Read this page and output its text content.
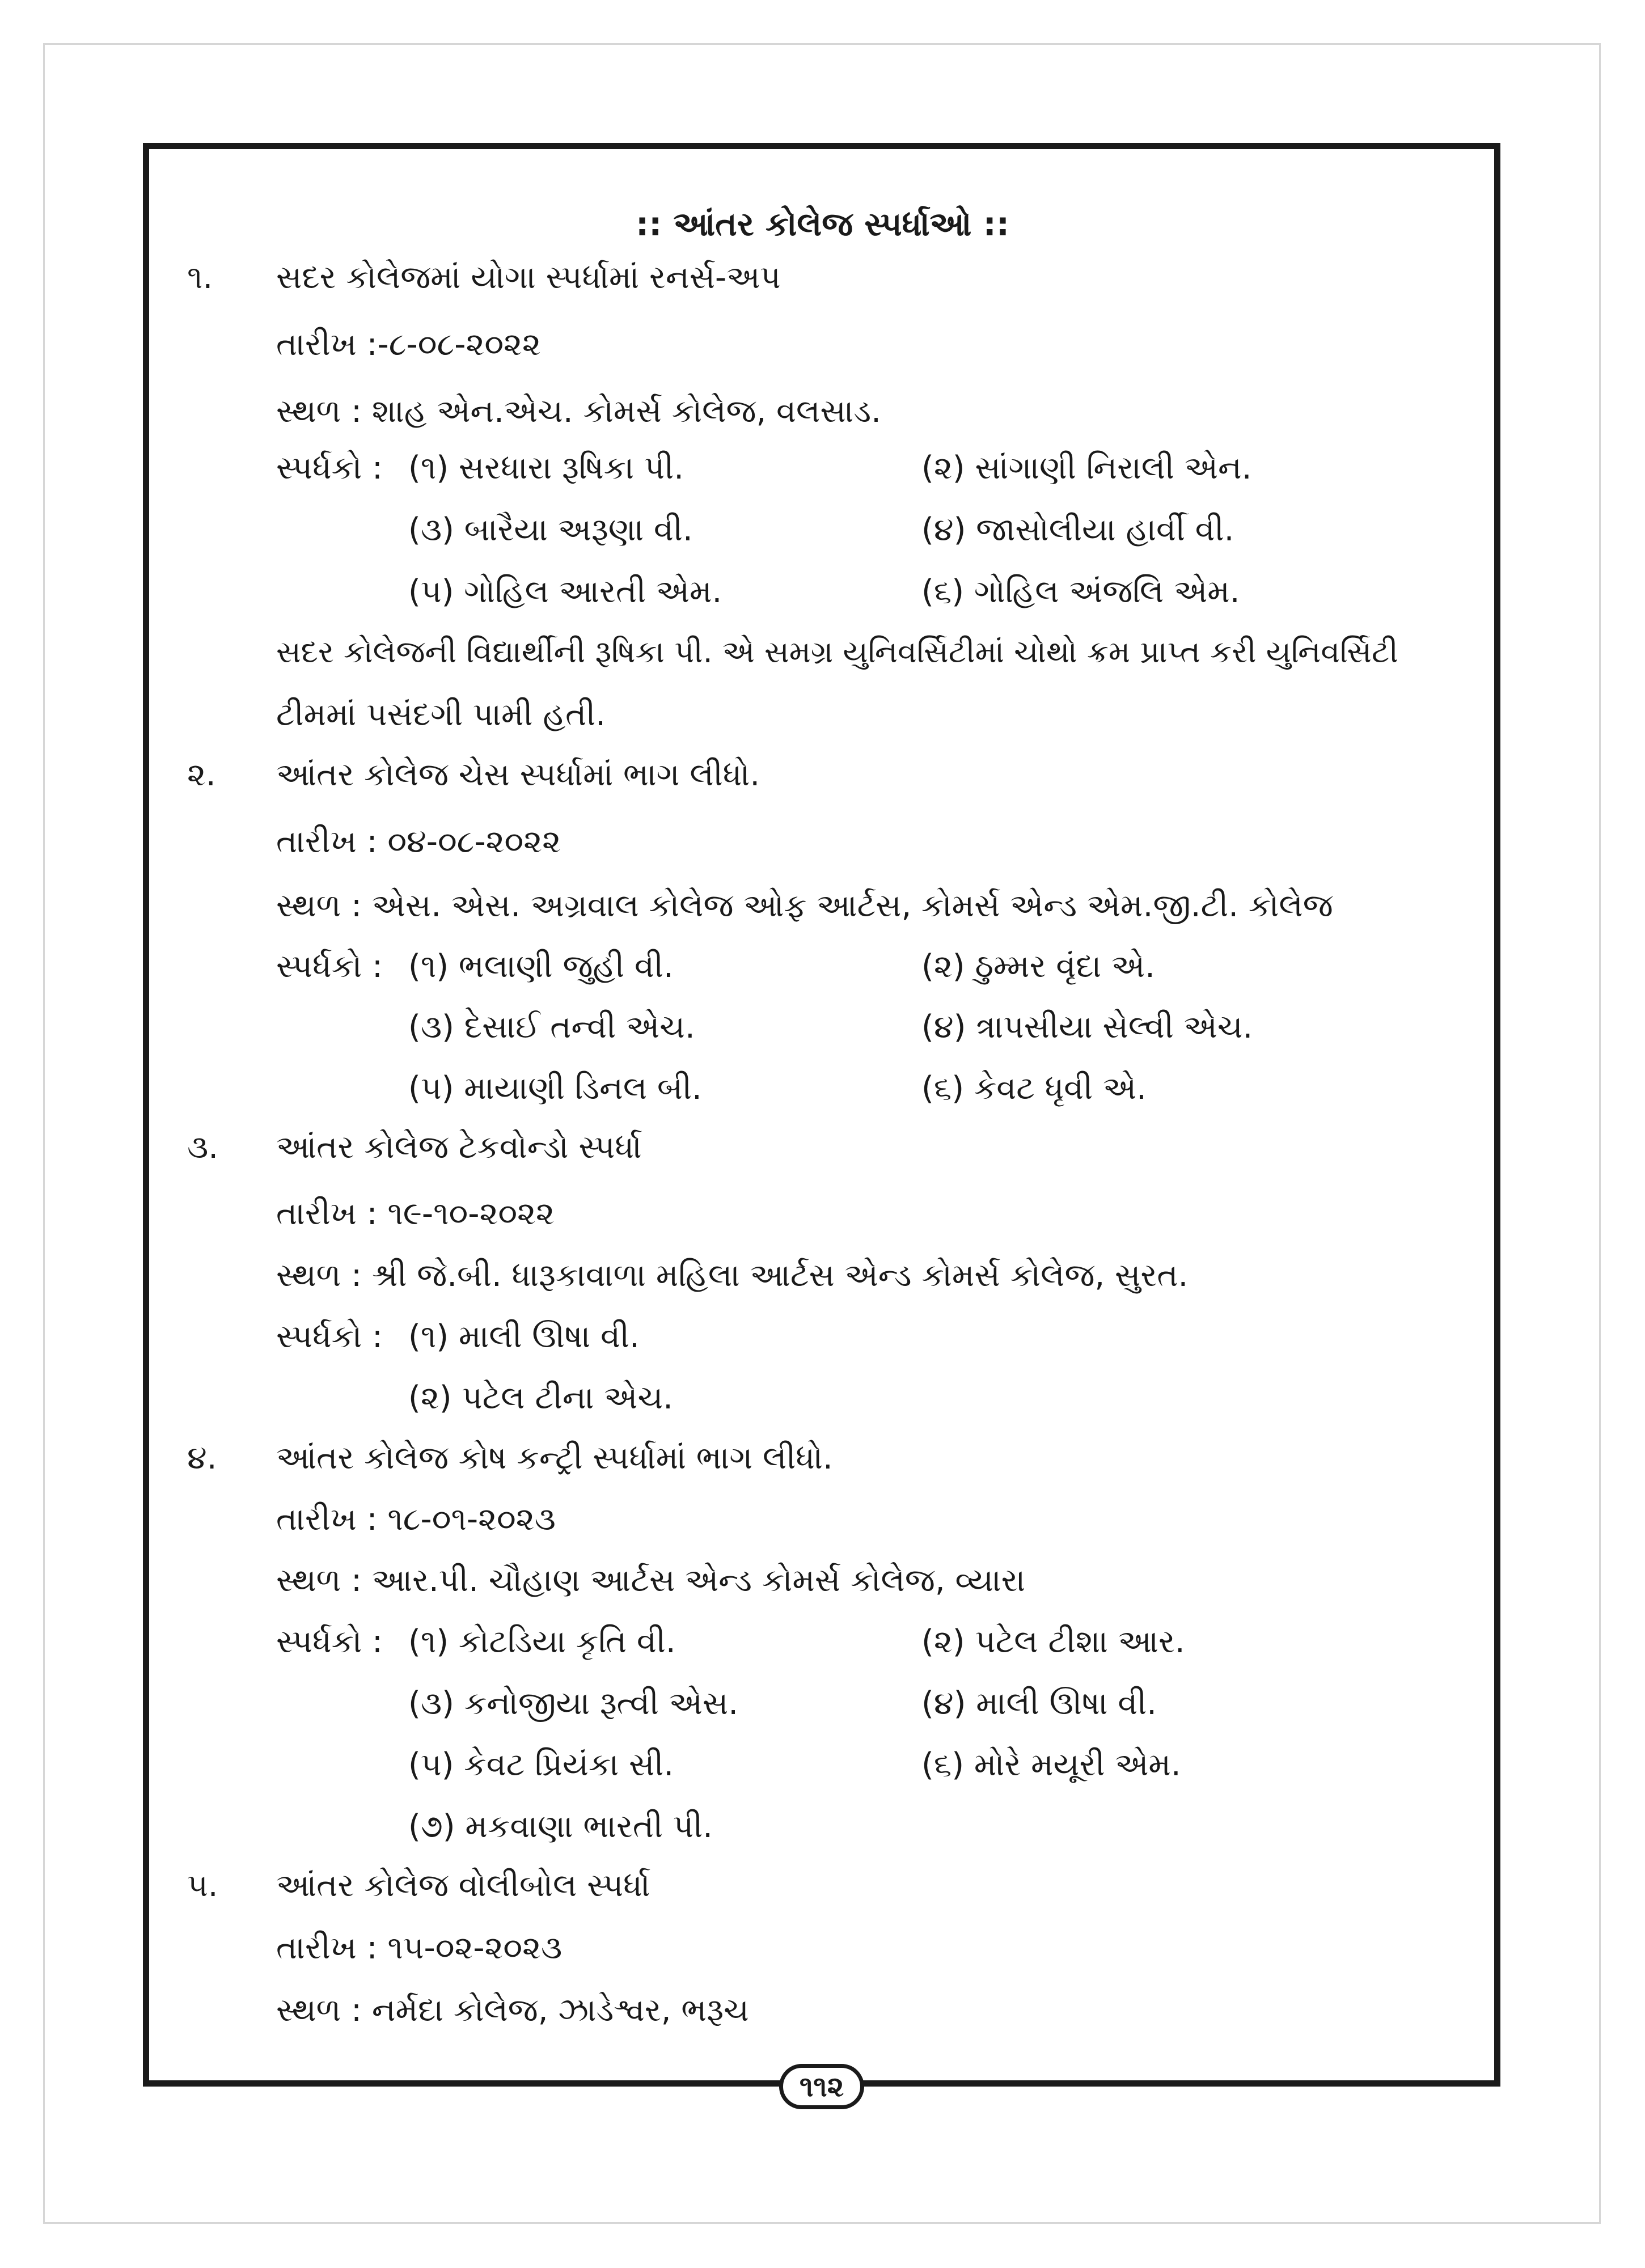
:: આંતર કોલેજ સ્પર્ધાઓ ::
૧. સદર કોલેજમાં યોગા સ્પર્ધામાં રનર્સ-અપ
તારીખ :-૮-૦૮-૨૦૨૨
સ્થળ : શાહ એન.એચ. કોમર્સ કોલેજ, વલસાડ.
સ્પર્ધકો : (૧) સરધારા રૂષિકા પી.	(૨) સાંગાણી નિરાલી એન.
(૩) બારૈયા અરૂણા વી.	(૪) જાસોલીયા હાર્વી વી.
(૫) ગોહિલ આરતી એમ.	(૬) ગોહિલ અંજલિ એમ.
સદર કોલેજની વિદ્યાર્થીની રૂષિકા પી. એ સમગ્ર યુનિવર્સિટીમાં ચોથો ક્રમ પ્રાપ્ત કરી યુનિવર્સિટી
ટીમમાં પસંદગી પામી હતી.
૨. આંતર કોલેજ ચેસ સ્પર્ધામાં ભાગ લીધો.
તારીખ : ૦૪-૦૮-૨૦૨૨
સ્થળ : એસ. એસ. અગ્રવાલ કોલેજ ઓફ આર્ટસ, કોમર્સ એન્ડ એમ.જી.ટી. કોલેજ
સ્પર્ધકો : (૧) ભલાણી જુહી વી.	(૨) ઠુમ્મર વૃંદા એ.
(૩) દેસાઈ તન્વી એચ.	(૪) ત્રાપસીયા સેલ્વી એચ.
(૫) માયાણી ડિનલ બી.	(૬) કેવટ ધૃવી એ.
૩. આંતર કોલેજ ટેકવોન્ડો સ્પર્ધા
તારીખ : ૧૯-૧૦-૨૦૨૨
સ્થળ : શ્રી જે.બી. ધારૂકાવાળા મહિલા આર્ટસ એન્ડ કોમર્સ કોલેજ, સુરત.
સ્પર્ધકો : (૧) માલી ઊષા વી.
(૨) પટેલ ટીના એચ.
૪. આંતર કોલેજ કોષ કન્ટ્રી સ્પર્ધામાં ભાગ લીધો.
તારીખ : ૧૮-૦૧-૨૦૨૩
સ્થળ : આર.પી. ચૌહાણ આર્ટસ એન્ડ કોમર્સ કોલેજ, વ્યારા
સ્પર્ધકો : (૧) કોટડિયા કૃતિ વી.	(૨) પટેલ ટીશા આર.
(૩) કનોજીયા રૂત્વી એસ.	(૪) માલી ઊષા વી.
(૫) કેવટ પ્રિયંકા સી.	(૬) મોરે મયૂરી એમ.
(૭) મકવાણા ભારતી પી.
૫. આંતર કોલેજ વોલીબોલ સ્પર્ધા
તારીખ : ૧૫-૦૨-૨૦૨૩
સ્થળ : નર્મદા કોલેજ, ઝાડેશ્વર, ભરૂચ
૧૧૨
